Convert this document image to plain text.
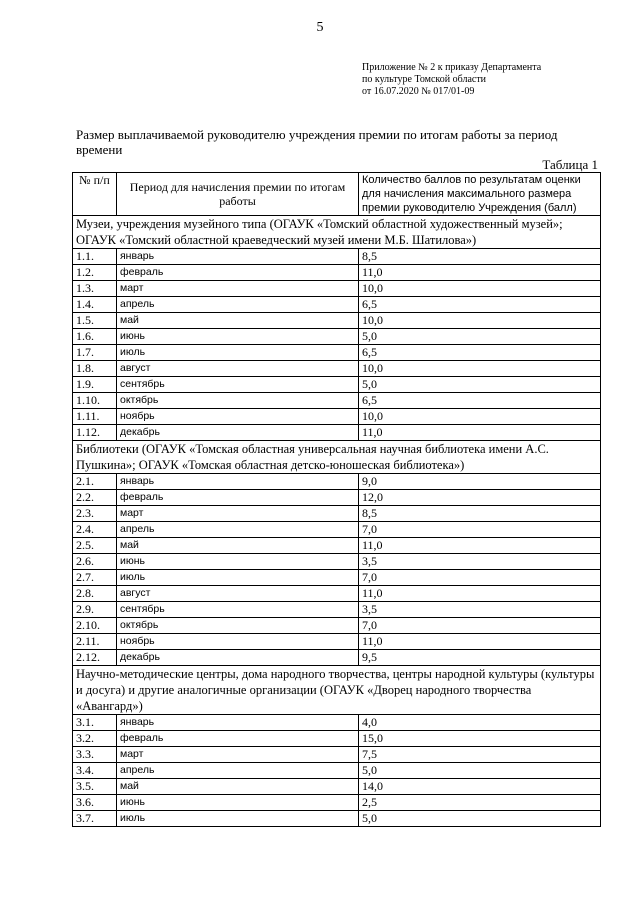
5
Приложение № 2 к приказу Департамента
по культуре Томской области
от 16.07.2020 № 017/01-09
Размер выплачиваемой руководителю учреждения премии по итогам работы за период времени
Таблица 1
№ п/п	Период для начисления премии по итогам работы	Количество баллов по результатам оценки для начисления максимального размера премии руководителю Учреждения (балл)
Музеи, учреждения музейного типа (ОГАУК «Томский областной художественный музей»; ОГАУК «Томский областной краеведческий музей имени М.Б. Шатилова»)		
1.1.	январь	8,5
1.2.	февраль	11,0
1.3.	март	10,0
1.4.	апрель	6,5
1.5.	май	10,0
1.6.	июнь	5,0
1.7.	июль	6,5
1.8.	август	10,0
1.9.	сентябрь	5,0
1.10.	октябрь	6,5
1.11.	ноябрь	10,0
1.12.	декабрь	11,0
Библиотеки (ОГАУК «Томская областная универсальная научная библиотека имени А.С. Пушкина»; ОГАУК «Томская областная детско-юношеская библиотека»)		
2.1.	январь	9,0
2.2.	февраль	12,0
2.3.	март	8,5
2.4.	апрель	7,0
2.5.	май	11,0
2.6.	июнь	3,5
2.7.	июль	7,0
2.8.	август	11,0
2.9.	сентябрь	3,5
2.10.	октябрь	7,0
2.11.	ноябрь	11,0
2.12.	декабрь	9,5
Научно-методические центры, дома народного творчества, центры народной культуры (культуры и досуга) и другие аналогичные организации (ОГАУК «Дворец народного творчества «Авангард»)		
3.1.	январь	4,0
3.2.	февраль	15,0
3.3.	март	7,5
3.4.	апрель	5,0
3.5.	май	14,0
3.6.	июнь	2,5
3.7.	июль	5,0
